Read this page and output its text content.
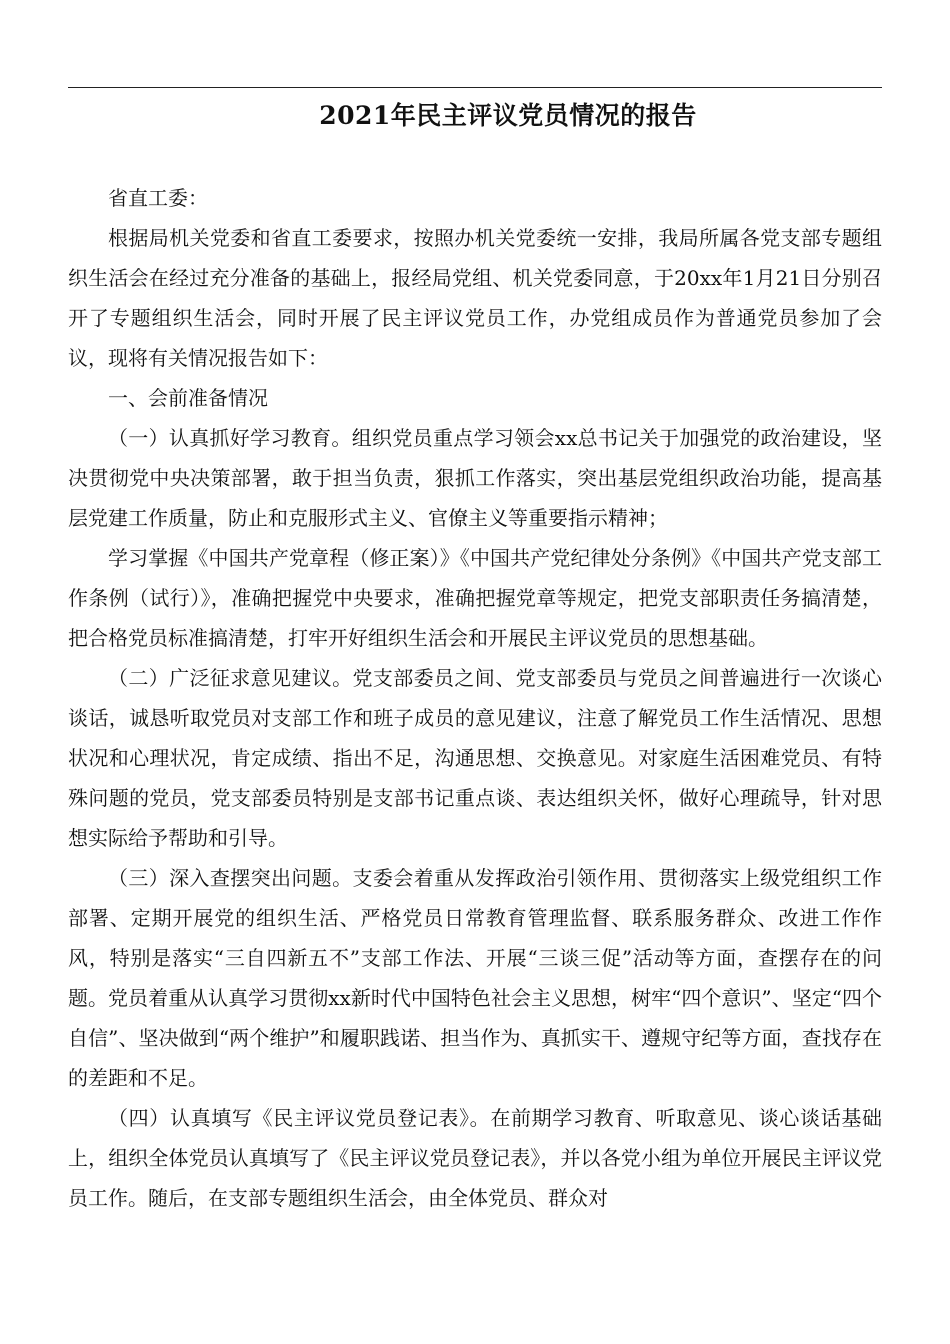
2021年民主评议党员情况的报告

省直工委：

根据局机关党委和省直工委要求，按照办机关党委统一安排，我局所属各党支部专题组织生活会在经过充分准备的基础上，报经局党组、机关党委同意，于20xx年1月21日分别召开了专题组织生活会，同时开展了民主评议党员工作，办党组成员作为普通党员参加了会议，现将有关情况报告如下：

一、会前准备情况

（一）认真抓好学习教育。组织党员重点学习领会xx总书记关于加强党的政治建设，坚决贯彻党中央决策部署，敢于担当负责，狠抓工作落实，突出基层党组织政治功能，提高基层党建工作质量，防止和克服形式主义、官僚主义等重要指示精神；

学习掌握《中国共产党章程（修正案）》《中国共产党纪律处分条例》《中国共产党支部工作条例（试行）》，准确把握党中央要求，准确把握党章等规定，把党支部职责任务搞清楚，把合格党员标准搞清楚，打牢开好组织生活会和开展民主评议党员的思想基础。

（二）广泛征求意见建议。党支部委员之间、党支部委员与党员之间普遍进行一次谈心谈话，诚恳听取党员对支部工作和班子成员的意见建议，注意了解党员工作生活情况、思想状况和心理状况，肯定成绩、指出不足，沟通思想、交换意见。对家庭生活困难党员、有特殊问题的党员，党支部委员特别是支部书记重点谈、表达组织关怀，做好心理疏导，针对思想实际给予帮助和引导。

（三）深入查摆突出问题。支委会着重从发挥政治引领作用、贯彻落实上级党组织工作部署、定期开展党的组织生活、严格党员日常教育管理监督、联系服务群众、改进工作作风，特别是落实“三自四新五不”支部工作法、开展“三谈三促”活动等方面，查摆存在的问题。党员着重从认真学习贯彻xx新时代中国特色社会主义思想，树牢“四个意识”、坚定“四个自信”、坚决做到“两个维护”和履职践诺、担当作为、真抓实干、遵规守纪等方面，查找存在的差距和不足。

（四）认真填写《民主评议党员登记表》。在前期学习教育、听取意见、谈心谈话基础上，组织全体党员认真填写了《民主评议党员登记表》，并以各党小组为单位开展民主评议党员工作。随后，在支部专题组织生活会，由全体党员、群众对
